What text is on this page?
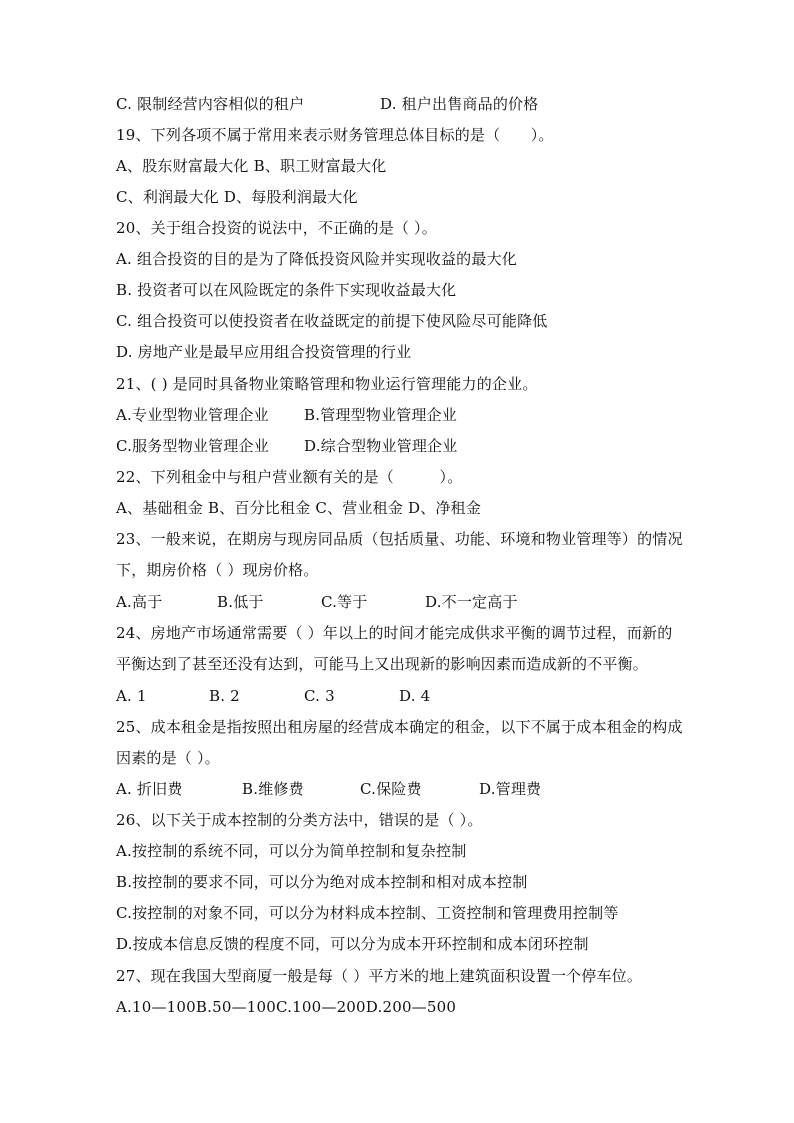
C. 限制经营内容相似的租户	D. 租户出售商品的价格
19、下列各项不属于常用来表示财务管理总体目标的是（　　）。
A、股东财富最大化 B、职工财富最大化
C、利润最大化 D、每股利润最大化
20、关于组合投资的说法中，不正确的是（ ）。
A. 组合投资的目的是为了降低投资风险并实现收益的最大化
B. 投资者可以在风险既定的条件下实现收益最大化
C. 组合投资可以使投资者在收益既定的前提下使风险尽可能降低
D. 房地产业是最早应用组合投资管理的行业
21、( ) 是同时具备物业策略管理和物业运行管理能力的企业。
A.专业型物业管理企业 B.管理型物业管理企业
C.服务型物业管理企业 D.综合型物业管理企业
22、下列租金中与租户营业额有关的是（　　　）。
A、基础租金 B、百分比租金 C、营业租金 D、净租金
23、一般来说，在期房与现房同品质（包括质量、功能、环境和物业管理等）的情况
下，期房价格（ ）现房价格。
A.高于	B.低于	C.等于	D.不一定高于
24、房地产市场通常需要（ ）年以上的时间才能完成供求平衡的调节过程，而新的
平衡达到了甚至还没有达到，可能马上又出现新的影响因素而造成新的不平衡。
A. 1	B. 2	C. 3	D. 4
25、成本租金是指按照出租房屋的经营成本确定的租金，以下不属于成本租金的构成
因素的是（ ）。
A. 折旧费	B.维修费	C.保险费	D.管理费
26、以下关于成本控制的分类方法中，错误的是（ ）。
A.按控制的系统不同，可以分为简单控制和复杂控制
B.按控制的要求不同，可以分为绝对成本控制和相对成本控制
C.按控制的对象不同，可以分为材料成本控制、工资控制和管理费用控制等
D.按成本信息反馈的程度不同，可以分为成本开环控制和成本闭环控制
27、现在我国大型商厦一般是每（ ）平方米的地上建筑面积设置一个停车位。
A.10—100B.50—100C.100—200D.200—500
